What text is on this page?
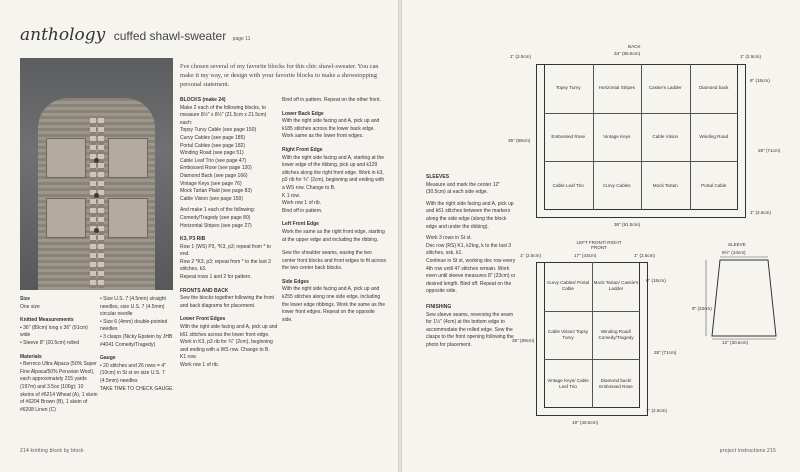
anthology cuffed shawl-sweater page 11
I've chosen several of my favorite blocks for this chic shawl-sweater. You can make it my way, or design with your favorite blocks to make a showstopping personal statement.
BLOCKS (make 24)
Make 2 each of the following blocks, to measure 8½" x 8½" (21.5cm x 21.5cm) each:
Topsy Turvy Cable (see page 150)
Curvy Cables (see page 185)
Portal Cables (see page 182)
Winding Road (see page 51)
Cable Leaf Trio (see page 47)
Embossed Rose (see page 120)
Diamond Back (see page 166)
Vintage Keys (see page 76)
Mock Tartan Plaid (see page 83)
Cable Vision (see page 159)
And make 1 each of the following:
Comedy/Tragedy (see page 80)
Horizontal Stripes (see page 27)
K3, P3 RIB
Row 1 (WS) P3, *K3, p3; repeat from * to end.
Row 2 *K3, p3; repeat from * to the last 3 stitches, k3.
Repeat rows 1 and 2 for pattern.
FRONTS AND BACK
Sew the blocks together following the front and back diagrams for placement.
Lower Front Edges
With the right side facing and A, pick up and k61 stitches across the lower front edge. Work in K3, p3 rib for ¾" (2cm), beginning and ending with a WS row. Change to B.
K1 row.
Work row 1 of rib.
Bind off in pattern. Repeat on the other front.
Lower Back Edge
With the right side facing and A, pick up and k185 stitches across the lower back edge.
Work same as the lower front edges.
Right Front Edge
With the right side facing and A, starting at the lower edge of the ribbing, pick up and k129 stitches along the right front edge. Work in k3, p3 rib for ¾" (2cm), beginning and ending with a WS row. Change to B.
K 1 row.
Work row 1 of rib.
Bind off in pattern.
Left Front Edge
Work the same as the right front edge, starting at the upper edge and including the ribbing.
Sew the shoulder seams, easing the two center front blocks and front edges to fit across the two center back blocks.
Side Edges
With the right side facing and A, pick up and k255 stitches along one side edge, including the lower edge ribbings. Work the same as the lower front edges. Repeat on the opposite side.
Size
One size
Knitted Measurements
• 36" (89cm) long x 36" (91cm) wide
• Sleeve 8" (20.5cm) rolled
Materials
• Berroco Ultra Alpaca (50% Super Fine Alpaca/50% Peruvian Wool), each approximately 215 yards (197m) and 3.5oz (100g); 10 skeins of #6214 Wheat (A), 1 skein of #6204 Brown (B), 1 skein of #6208 Linen (C)
• Size U.S. 7 (4.5mm) straight needles, size U.S. 7 (4.5mm) circular needle
• Size 6 (4mm) double-pointed needles
• 3 clasps (Nicky Epstein by JHB #4041 Comedy/Tragedy)
Gauge
• 20 stitches and 26 rows = 4" (10cm) in St st on size U.S. 7 (4.5mm) needles
TAKE TIME TO CHECK GAUGE.
214 knitting block by block
SLEEVES
Measure and mark the center 12" (30.5cm) at each side edge.
With the right side facing and A, pick up and k61 stitches between the markers along the side edge (along the block edge and under the ribbing).
Work 3 rows in St st.
Dec row (RS) K1, k2tog, k to the last 3 stitches, ssk, k1.
Continue in St st, working dec row every 4th row until 47 stitches remain. Work even until sleeve measures 8" (23cm) or desired length. Bind off. Repeat on the opposite side.
FINISHING
Sew sleeve seams, reversing the seam for 1½" (4cm) at the bottom edge to accommodate the rolled edge. Sew the clasps to the front opening following the photo for placement.
BACK
34" (86.5cm)
1" (2.5cm)	1" (2.5cm)
6" (15cm)
28" (71cm)
35" (89cm)
1" (2.5cm)
36" (91.5cm)
Topsy Turvy	Horizontal Stripes	Cassie's Ladder	Diamond back
Embossed Rose	Vintage Keys	Cable Vision	Winding Road
Cable Leaf Trio	Curvy Cables	Mock Tartan	Portal Cable
LEFT FRONT/ RIGHT FRONT
17" (43cm)
1" (2.5cm)	1" (2.5cm)
6" (15cm)
28" (71cm)
35" (89cm)
1" (2.5cm)
19" (48.5cm)
Curvy Cables/ Portal Cable
Mock Tartan/ Cassie's Ladder
Cable Vision/ Topsy Turvy
Winding Road/ Comedy/Tragedy
Vintage Keys/ Cable Leaf Trio
Diamond back/ Embossed Rose
SLEEVE
9½" (24cm)
9" (23cm)
12" (30.5cm)
project instructions 215
